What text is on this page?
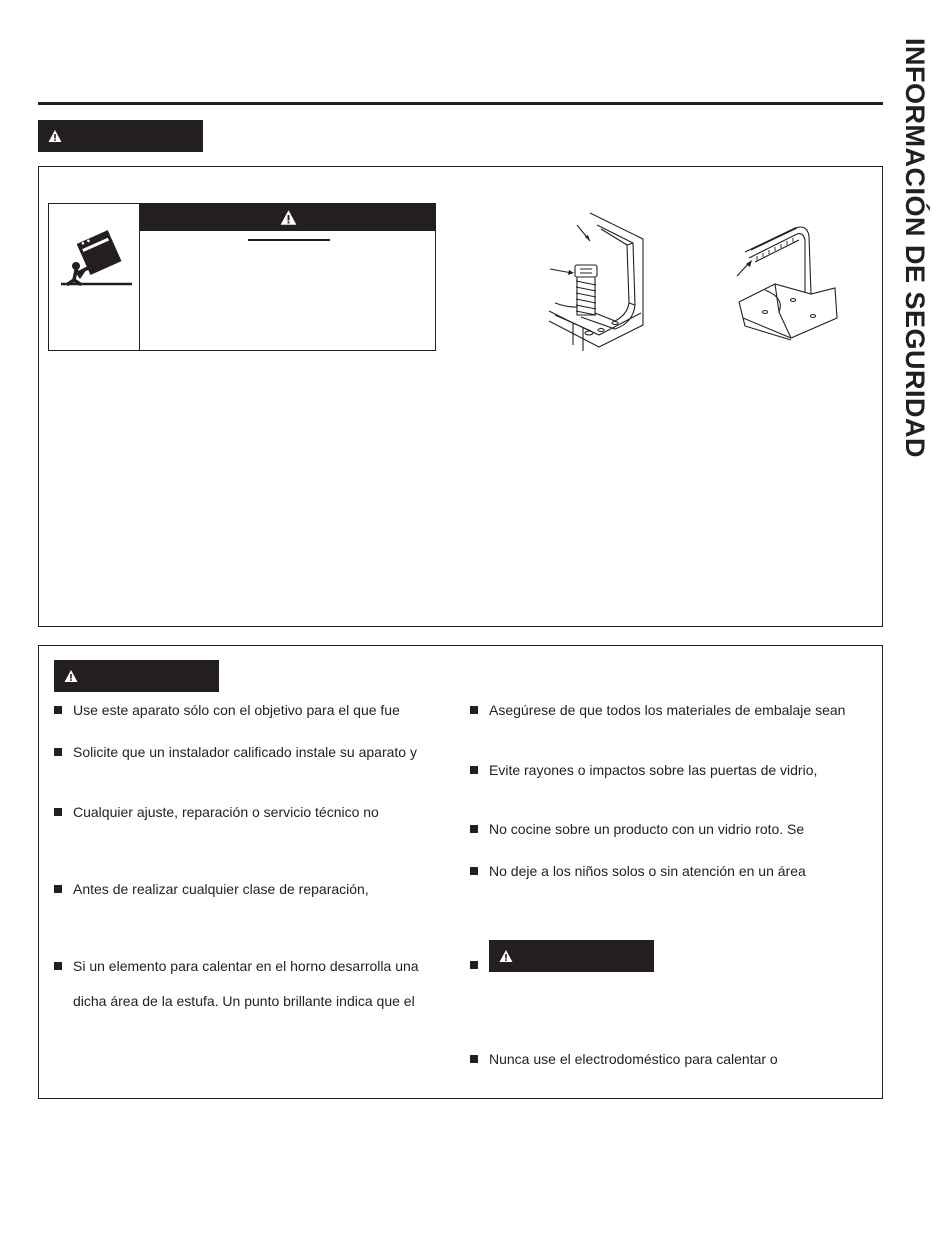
INFORMACIÓN DE SEGURIDAD
Use este aparato sólo con el objetivo para el que fue
Solicite que un instalador calificado instale su aparato y
Cualquier ajuste, reparación o servicio técnico no
Antes de realizar cualquier clase de reparación,
Si un elemento para calentar en el horno desarrolla una
dicha área de la estufa. Un punto brillante indica que el
Asegúrese de que todos los materiales de embalaje sean
Evite rayones o impactos sobre las puertas de vidrio,
No cocine sobre un producto con un vidrio roto. Se
No deje a los niños solos o sin atención en un área
Nunca use el electrodoméstico para calentar o
